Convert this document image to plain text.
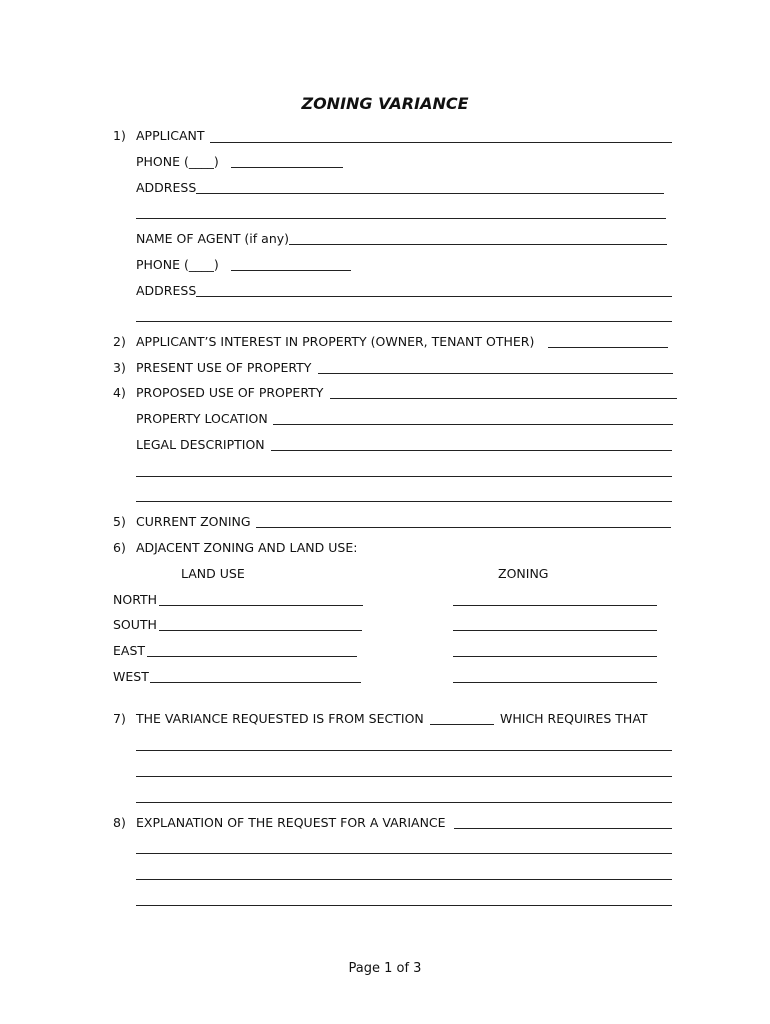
ZONING VARIANCE
1) APPLICANT
PHONE (____)
ADDRESS
NAME OF AGENT (if any)
PHONE (____)
ADDRESS
2) APPLICANT’S INTEREST IN PROPERTY (OWNER, TENANT OTHER)
3) PRESENT USE OF PROPERTY
4) PROPOSED USE OF PROPERTY
PROPERTY LOCATION
LEGAL DESCRIPTION
5) CURRENT ZONING
6) ADJACENT ZONING AND LAND USE:
LAND USE	ZONING
NORTH
SOUTH
EAST
WEST
7) THE VARIANCE REQUESTED IS FROM SECTION	WHICH REQUIRES THAT
8) EXPLANATION OF THE REQUEST FOR A VARIANCE
Page 1 of 3
